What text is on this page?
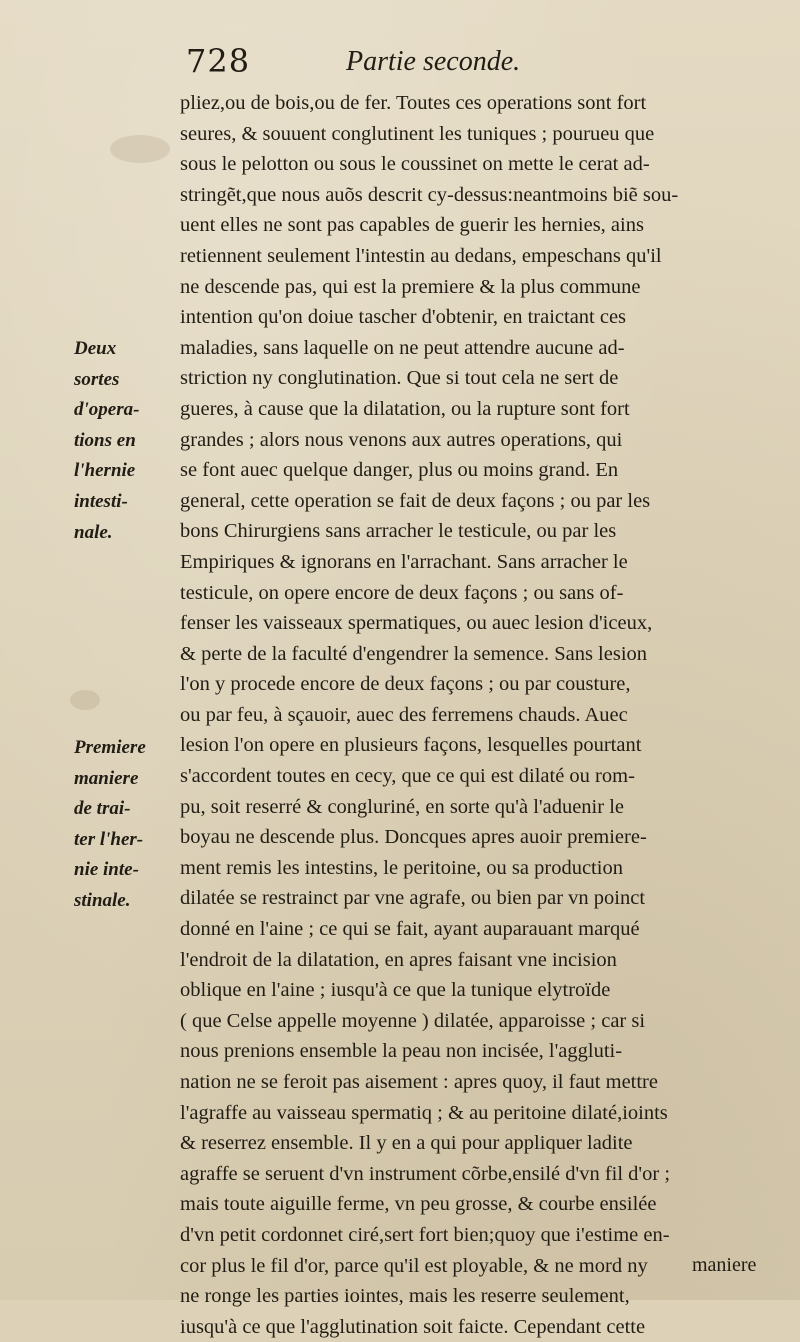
728	Partie seconde.
Deux
sortes
d'opera-
tions en
l'hernie
intesti-
nale.
Premiere
maniere
de trai-
ter l'her-
nie inte-
stinale.
pliez,ou de bois,ou de fer. Toutes ces operations sont fort
seures, & souuent conglutinent les tuniques ; pourueu que
sous le pelotton ou sous le coussinet on mette le cerat ad-
stringẽt,que nous auõs descrit cy-dessus:neantmoins biẽ sou-
uent elles ne sont pas capables de guerir les hernies, ains
retiennent seulement l'intestin au dedans, empeschans qu'il
ne descende pas, qui est la premiere & la plus commune
intention qu'on doiue tascher d'obtenir, en traictant ces
maladies, sans laquelle on ne peut attendre aucune ad-
striction ny conglutination. Que si tout cela ne sert de
gueres, à cause que la dilatation, ou la rupture sont fort
grandes ; alors nous venons aux autres operations, qui
se font auec quelque danger, plus ou moins grand. En
general, cette operation se fait de deux façons ; ou par les
bons Chirurgiens sans arracher le testicule, ou par les
Empiriques & ignorans en l'arrachant. Sans arracher le
testicule, on opere encore de deux façons ; ou sans of-
fenser les vaisseaux spermatiques, ou auec lesion d'iceux,
& perte de la faculté d'engendrer la semence. Sans lesion
l'on y procede encore de deux façons ; ou par cousture,
ou par feu, à sçauoir, auec des ferremens chauds. Auec
lesion l'on opere en plusieurs façons, lesquelles pourtant
s'accordent toutes en cecy, que ce qui est dilaté ou rom-
pu, soit reserré & congluriné, en sorte qu'à l'aduenir le
boyau ne descende plus. Doncques apres auoir premiere-
ment remis les intestins, le peritoine, ou sa production
dilatée se restrainct par vne agrafe, ou bien par vn poinct
donné en l'aine ; ce qui se fait, ayant auparauant marqué
l'endroit de la dilatation, en apres faisant vne incision
oblique en l'aine ; iusqu'à ce que la tunique elytroïde
( que Celse appelle moyenne ) dilatée, apparoisse ; car si
nous prenions ensemble la peau non incisée, l'aggluti-
nation ne se feroit pas aisement : apres quoy, il faut mettre
l'agraffe au vaisseau spermatiq ; & au peritoine dilaté,ioints
& reserrez ensemble. Il y en a qui pour appliquer ladite
agraffe se seruent d'vn instrument cõrbe,ensilé d'vn fil d'or ;
mais toute aiguille ferme, vn peu grosse, & courbe ensilée
d'vn petit cordonnet ciré,sert fort bien;quoy que i'estime en-
cor plus le fil d'or, parce qu'il est ployable, & ne mord ny
ne ronge les parties iointes, mais les reserre seulement,
iusqu'à ce que l'agglutination soit faicte. Cependant cette
maniere
